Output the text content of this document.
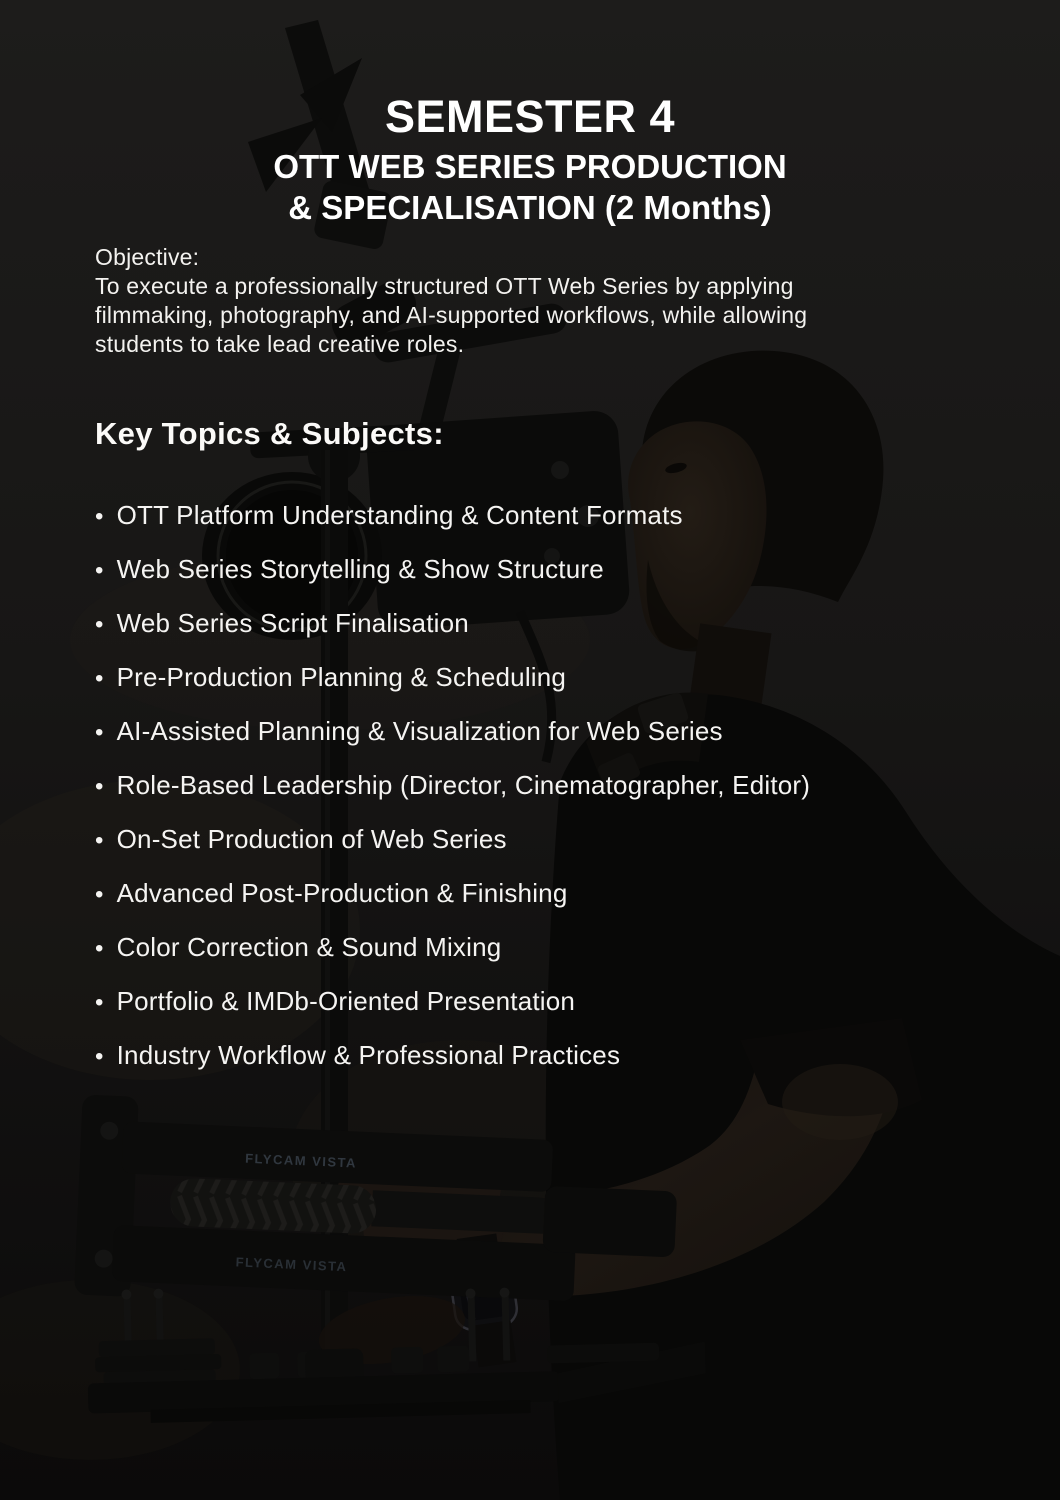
FLYCAM VISTA
FLYCAM VISTA
SEMESTER 4
OTT WEB SERIES PRODUCTION
& SPECIALISATION (2 Months)
Objective:
To execute a professionally structured OTT Web Series by applying
filmmaking, photography, and AI-supported workflows, while allowing
students to take lead creative roles.
Key Topics & Subjects:
• OTT Platform Understanding & Content Formats
• Web Series Storytelling & Show Structure
• Web Series Script Finalisation
• Pre-Production Planning & Scheduling
• AI-Assisted Planning & Visualization for Web Series
• Role-Based Leadership (Director, Cinematographer, Editor)
• On-Set Production of Web Series
• Advanced Post-Production & Finishing
• Color Correction & Sound Mixing
• Portfolio & IMDb-Oriented Presentation
• Industry Workflow & Professional Practices
